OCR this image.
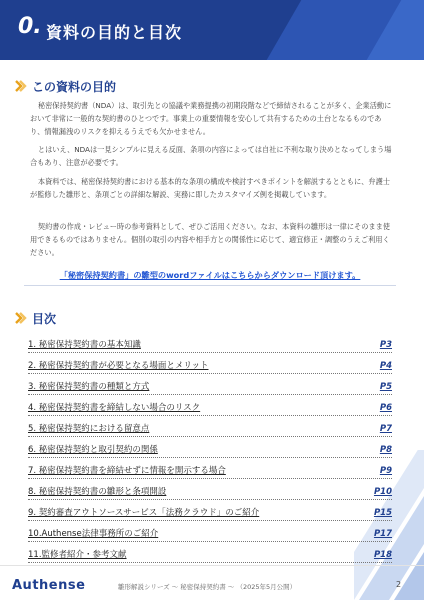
0. 資料の目的と目次
この資料の目的
秘密保持契約書（NDA）は、取引先との協議や業務提携の初期段階などで締結されることが多く、企業活動において非常に一般的な契約書のひとつです。事業上の重要情報を安心して共有するための土台となるものであり、情報漏洩のリスクを抑えるうえでも欠かせません。
とはいえ、NDAは一見シンプルに見える反面、条項の内容によっては自社に不利な取り決めとなってしまう場合もあり、注意が必要です。
本資料では、秘密保持契約書における基本的な条項の構成や検討すべきポイントを解説するとともに、弁護士が監修した雛形と、条項ごとの詳細な解説、実務に即したカスタマイズ例を掲載しています。
契約書の作成・レビュー時の参考資料として、ぜひご活用ください。なお、本資料の雛形は一律にそのまま使用できるものではありません。個別の取引の内容や相手方との関係性に応じて、適宜修正・調整のうえご利用ください。
「秘密保持契約書」の雛型のwordファイルはこちらからダウンロード頂けます。
目次
1. 秘密保持契約書の基本知識	P3
2. 秘密保持契約書が必要となる場面とメリット	P4
3. 秘密保持契約書の種類と方式	P5
4. 秘密保持契約書を締結しない場合のリスク	P6
5. 秘密保持契約における留意点	P7
6. 秘密保持契約と取引契約の関係	P8
7. 秘密保持契約書を締結せずに情報を開示する場合	P9
8. 秘密保持契約書の雛形と条項開設	P10
9. 契約審査アウトソースサービス「法務クラウド」のご紹介	P15
10.Authense法律事務所のご紹介	P17
11.監修者紹介・参考文献	P18
Authense	雛形解説シリーズ ～ 秘密保持契約書 ～ （2025年5月公開）	2
